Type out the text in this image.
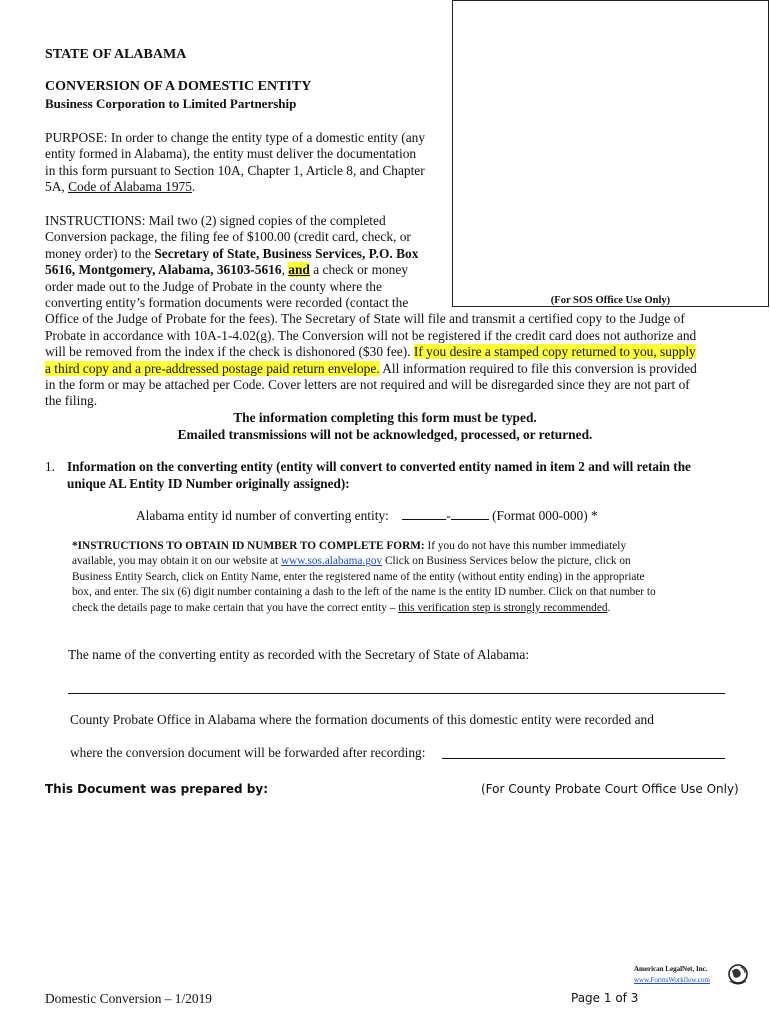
(For SOS Office Use Only)
STATE OF ALABAMA
CONVERSION OF A DOMESTIC ENTITY
Business Corporation to Limited Partnership
PURPOSE: In order to change the entity type of a domestic entity (any
entity formed in Alabama), the entity must deliver the documentation
in this form pursuant to Section 10A, Chapter 1, Article 8, and Chapter
5A, Code of Alabama 1975.
INSTRUCTIONS: Mail two (2) signed copies of the completed
Conversion package, the filing fee of $100.00 (credit card, check, or
money order) to the Secretary of State, Business Services, P.O. Box
5616, Montgomery, Alabama, 36103-5616, and a check or money
order made out to the Judge of Probate in the county where the
converting entity’s formation documents were recorded (contact the
Office of the Judge of Probate for the fees). The Secretary of State will file and transmit a certified copy to the Judge of
Probate in accordance with 10A-1-4.02(g). The Conversion will not be registered if the credit card does not authorize and
will be removed from the index if the check is dishonored ($30 fee). If you desire a stamped copy returned to you, supply
a third copy and a pre-addressed postage paid return envelope. All information required to file this conversion is provided
in the form or may be attached per Code. Cover letters are not required and will be disregarded since they are not part of
the filing.
The information completing this form must be typed.
Emailed transmissions will not be acknowledged, processed, or returned.
1. Information on the converting entity (entity will convert to converted entity named in item 2 and will retain the
unique AL Entity ID Number originally assigned):
Alabama entity id number of converting entity:	-	(Format 000-000) *
*INSTRUCTIONS TO OBTAIN ID NUMBER TO COMPLETE FORM: If you do not have this number immediately
available, you may obtain it on our website at www.sos.alabama.gov Click on Business Services below the picture, click on
Business Entity Search, click on Entity Name, enter the registered name of the entity (without entity ending) in the appropriate
box, and enter. The six (6) digit number containing a dash to the left of the name is the entity ID number. Click on that number to
check the details page to make certain that you have the correct entity – this verification step is strongly recommended.
The name of the converting entity as recorded with the Secretary of State of Alabama:
County Probate Office in Alabama where the formation documents of this domestic entity were recorded and
where the conversion document will be forwarded after recording:
This Document was prepared by:	(For County Probate Court Office Use Only)
American LegalNet, Inc.
www.FormsWorkflow.com
Domestic Conversion – 1/2019	Page 1 of 3
